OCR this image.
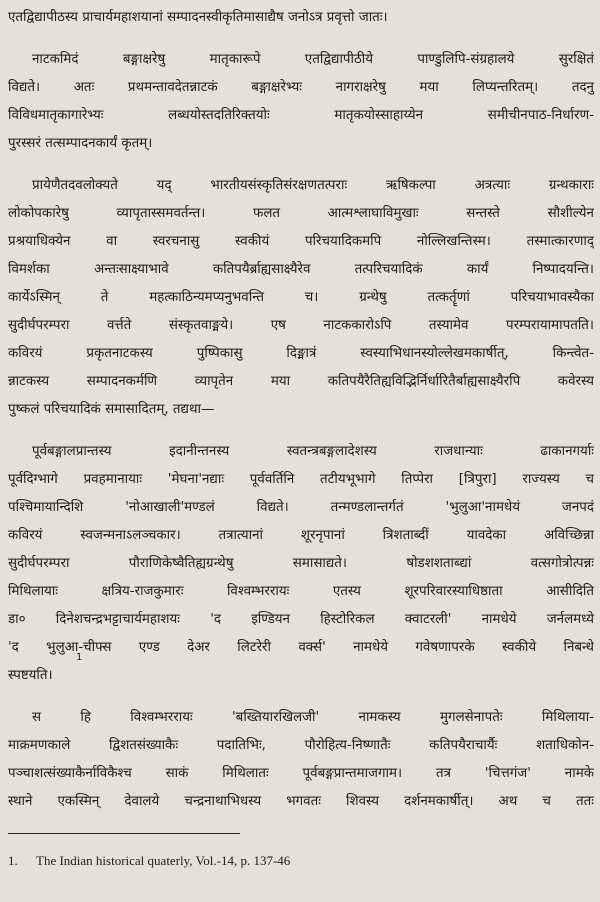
एतद्विद्यापीठस्य प्राचार्यमहाशयानां सम्पादनस्वीकृतिमासाद्यैष जनोऽत्र प्रवृत्तो जातः।
नाटकमिदं बङ्गाक्षरेषु मातृकारूपे एतद्विद्यापीठीये पाण्डुलिपि-संग्रहालये सुरक्षितं
विद्यते। अतः प्रथमन्तावदेतन्नाटकं बङ्गाक्षरेभ्यः नागराक्षरेषु मया लिप्यन्तरितम्। तदनु
विविधमातृकागारेभ्यः लब्धयोस्तदतिरिक्तयोः मातृकयोस्साहाय्येन समीचीनपाठ-निर्धारण-
पुरस्सरं तत्सम्पादनकार्यं कृतम्।
प्रायेणैतदवलोक्यते यद् भारतीयसंस्कृतिसंरक्षणतत्पराः ऋषिकल्पा अत्रत्याः ग्रन्थकाराः
लोकोपकारेषु व्यापृतास्समवर्तन्त। फलत आत्मश्लाघाविमुखाः सन्तस्ते सौशील्येन
प्रश्रयाधिक्येन वा स्वरचनासु स्वकीयं परिचयादिकमपि नोल्लिखन्तिस्म। तस्मात्कारणाद्
विमर्शका अन्तःसाक्ष्याभावे कतिपयैर्ब्राह्यसाक्ष्यैरेव तत्परिचयादिकं कार्यं निष्पादयन्ति।
कार्येऽस्मिन् ते महत्काठिन्यमप्यनुभवन्ति च। ग्रन्थेषु तत्कर्तॄणां परिचयाभावस्यैका
सुदीर्घपरम्परा वर्त्तते संस्कृतवाङ्मये। एष नाटककारोऽपि तस्यामेव परम्परायामापतति।
कविरयं प्रकृतनाटकस्य पुष्पिकासु दिङ्मात्रं स्वस्याभिधानस्योल्लेखमकार्षीत्, किन्त्वेत-
न्नाटकस्य सम्पादनकर्मणि व्यापृतेन मया कतिपयैरैतिह्यविद्भिर्निर्धारितैर्बाह्यसाक्ष्यैरपि कवेरस्य
पुष्कलं परिचयादिकं समासादितम्, तद्यथा—
पूर्वबङ्गालप्रान्तस्य इदानीन्तनस्य स्वतन्त्रबङ्गलादेशस्य राजधान्याः ढाकानगर्याः
पूर्वदिग्भागे प्रवहमानायाः 'मेघना'नद्याः पूर्ववर्तिनि तटीयभूभागे तिप्पेरा [त्रिपुरा] राज्यस्य च
पश्चिमायान्दिशि 'नोआखाली'मण्डलं विद्यते। तन्मण्डलान्तर्गतं 'भुलुआ'नामधेयं जनपदं
कविरयं स्वजन्मनाऽलञ्चकार। तत्रात्यानां शूरनृपानां त्रिशताब्दीं यावदेका अविच्छिन्ना
सुदीर्घपरम्परा पौराणिकेष्वैतिह्यग्रन्थेषु समासाद्यते। षोडशशताब्द्यां वत्सगोत्रोत्पन्नः
मिथिलायाः क्षत्रिय-राजकुमारः विश्वम्भररायः एतस्य शूरपरिवारस्याधिष्ठाता आसीदिति
डा० दिनेशचन्द्रभट्टाचार्यमहाशयः 'द इण्डियन हिस्टोरिकल क्वाटरली' नामधेये जर्नलमध्ये
'द भुलुआ-चीफ्स एण्ड देअर लिटरेरी वर्क्स' नामधेये गवेषणापरके स्वकीये निबन्धे
स्पष्टयति।
1
स हि विश्वम्भररायः 'बख्तियारखिलजी' नामकस्य मुगलसेनापतेः मिथिलाया-
माक्रमणकाले द्विशतसंख्याकैः पदातिभिः, पौरोहित्य-निष्णातैः कतिपयैराचार्यैः शताधिकोन-
पञ्चाशत्संख्याकैर्नाविकैश्च साकं मिथिलातः पूर्वबङ्गप्रान्तमाजगाम। तत्र 'चित्तगंज' नामके
स्थाने एकस्मिन् देवालये चन्द्रनाथाभिधस्य भगवतः शिवस्य दर्शनमकार्षीत्। अथ च ततः
1. The Indian historical quaterly, Vol.-14, p. 137-46
